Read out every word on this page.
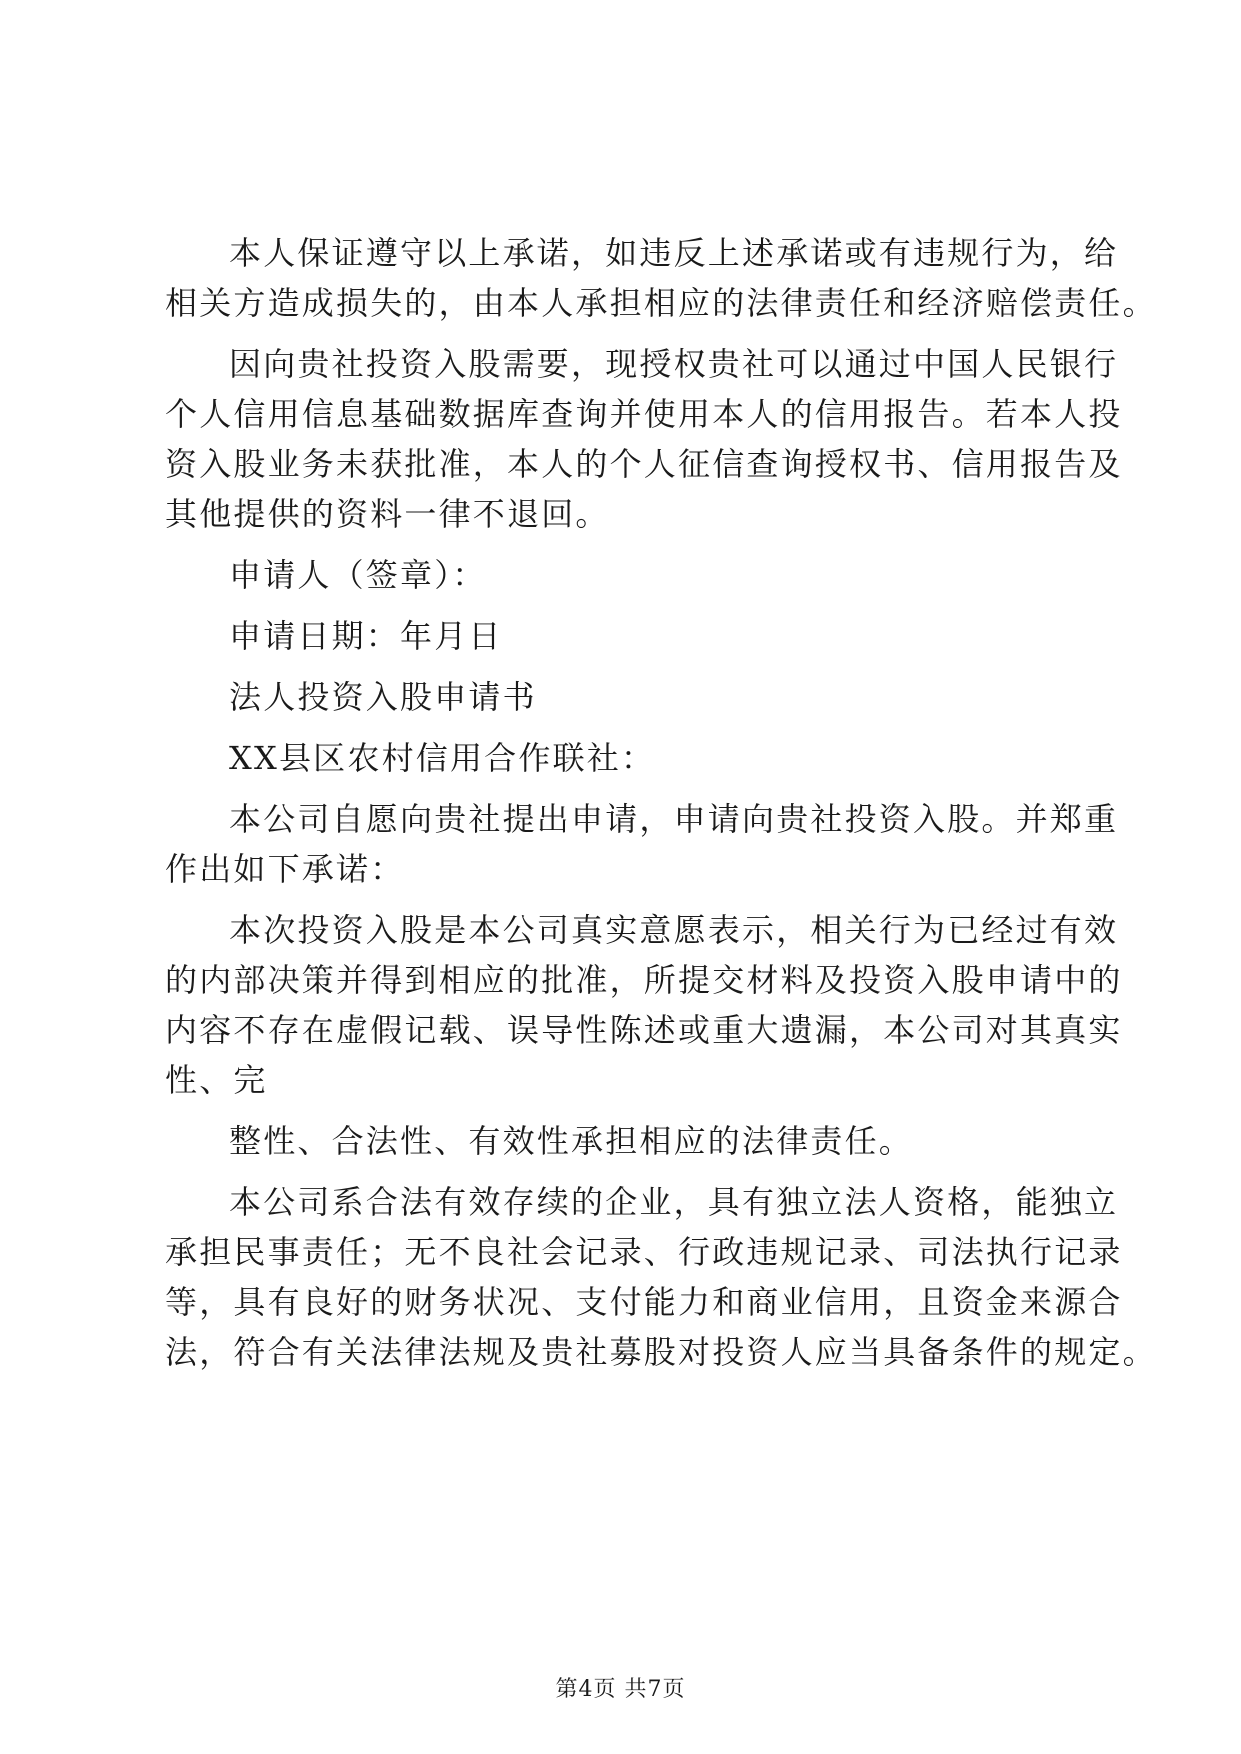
本人保证遵守以上承诺，如违反上述承诺或有违规行为，给
相关方造成损失的，由本人承担相应的法律责任和经济赔偿责任。

因向贵社投资入股需要，现授权贵社可以通过中国人民银行
个人信用信息基础数据库查询并使用本人的信用报告。若本人投
资入股业务未获批准，本人的个人征信查询授权书、信用报告及
其他提供的资料一律不退回。

申请人（签章）：

申请日期：年月日

法人投资入股申请书

XX县区农村信用合作联社：

本公司自愿向贵社提出申请，申请向贵社投资入股。并郑重
作出如下承诺：

本次投资入股是本公司真实意愿表示，相关行为已经过有效
的内部决策并得到相应的批准，所提交材料及投资入股申请中的
内容不存在虚假记载、误导性陈述或重大遗漏，本公司对其真实
性、完

整性、合法性、有效性承担相应的法律责任。

本公司系合法有效存续的企业，具有独立法人资格，能独立
承担民事责任；无不良社会记录、行政违规记录、司法执行记录
等，具有良好的财务状况、支付能力和商业信用，且资金来源合
法，符合有关法律法规及贵社募股对投资人应当具备条件的规定。

第4页 共7页
